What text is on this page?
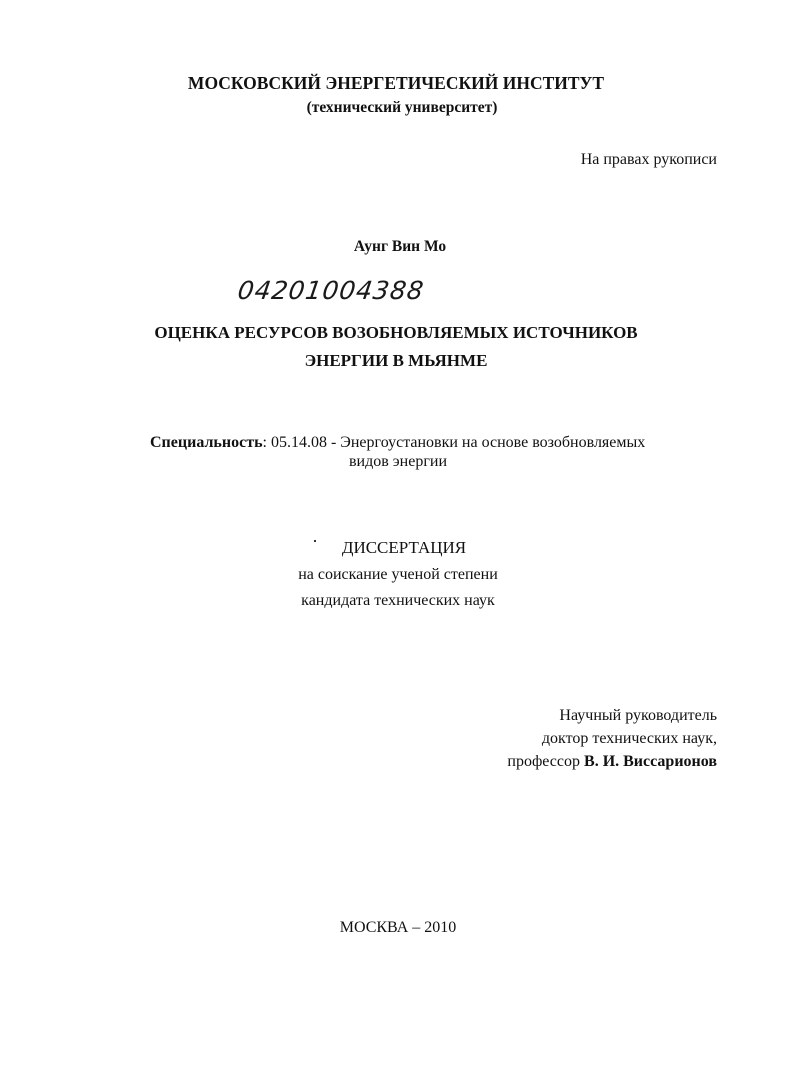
МОСКОВСКИЙ ЭНЕРГЕТИЧЕСКИЙ ИНСТИТУТ
(технический университет)
На правах рукописи
Аунг Вин Мо
04201004388
ОЦЕНКА РЕСУРСОВ ВОЗОБНОВЛЯЕМЫХ ИСТОЧНИКОВ
ЭНЕРГИИ В МЬЯНМЕ
Специальность: 05.14.08 - Энергоустановки на основе возобновляемых
видов энергии
ДИССЕРТАЦИЯ
на соискание ученой степени
кандидата технических наук
Научный руководитель
доктор технических наук,
профессор В. И. Виссарионов
МОСКВА – 2010
